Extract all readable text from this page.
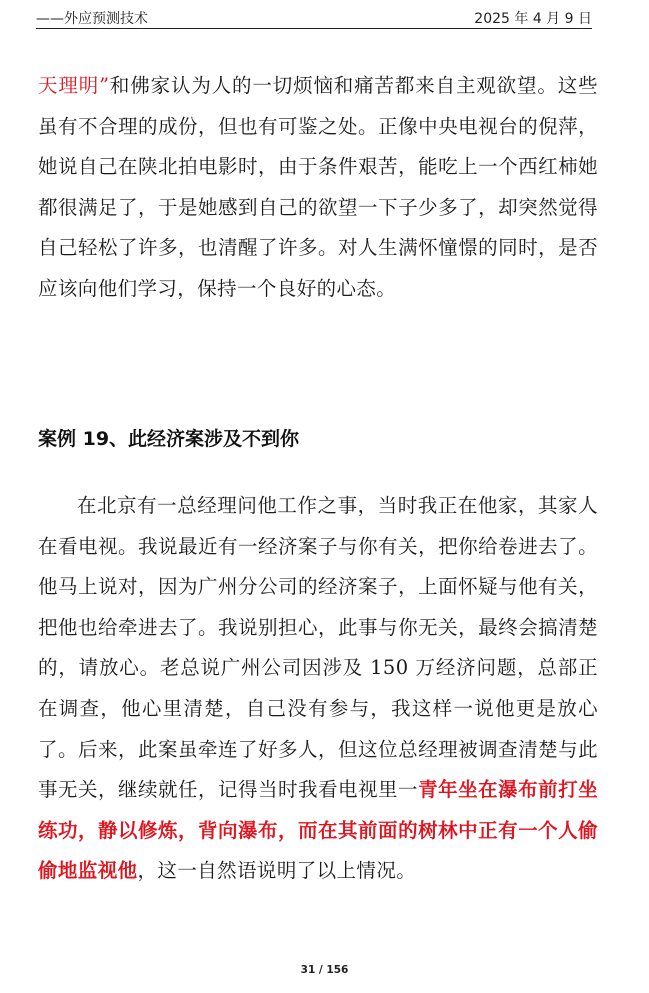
——外应预测技术	2025 年 4 月 9 日

天理明”和佛家认为人的一切烦恼和痛苦都来自主观欲望。这些虽有不合理的成份，但也有可鉴之处。正像中央电视台的倪萍，她说自己在陕北拍电影时，由于条件艰苦，能吃上一个西红柿她都很满足了，于是她感到自己的欲望一下子少多了，却突然觉得自己轻松了许多，也清醒了许多。对人生满怀憧憬的同时，是否应该向他们学习，保持一个良好的心态。

案例 19、此经济案涉及不到你

在北京有一总经理问他工作之事，当时我正在他家，其家人在看电视。我说最近有一经济案子与你有关，把你给卷进去了。他马上说对，因为广州分公司的经济案子，上面怀疑与他有关，把他也给牵进去了。我说别担心，此事与你无关，最终会搞清楚的，请放心。老总说广州公司因涉及 150 万经济问题，总部正在调查，他心里清楚，自己没有参与，我这样一说他更是放心了。后来，此案虽牵连了好多人，但这位总经理被调查清楚与此事无关，继续就任，记得当时我看电视里一青年坐在瀑布前打坐练功，静以修炼，背向瀑布，而在其前面的树林中正有一个人偷偷地监视他，这一自然语说明了以上情况。

31 / 156
